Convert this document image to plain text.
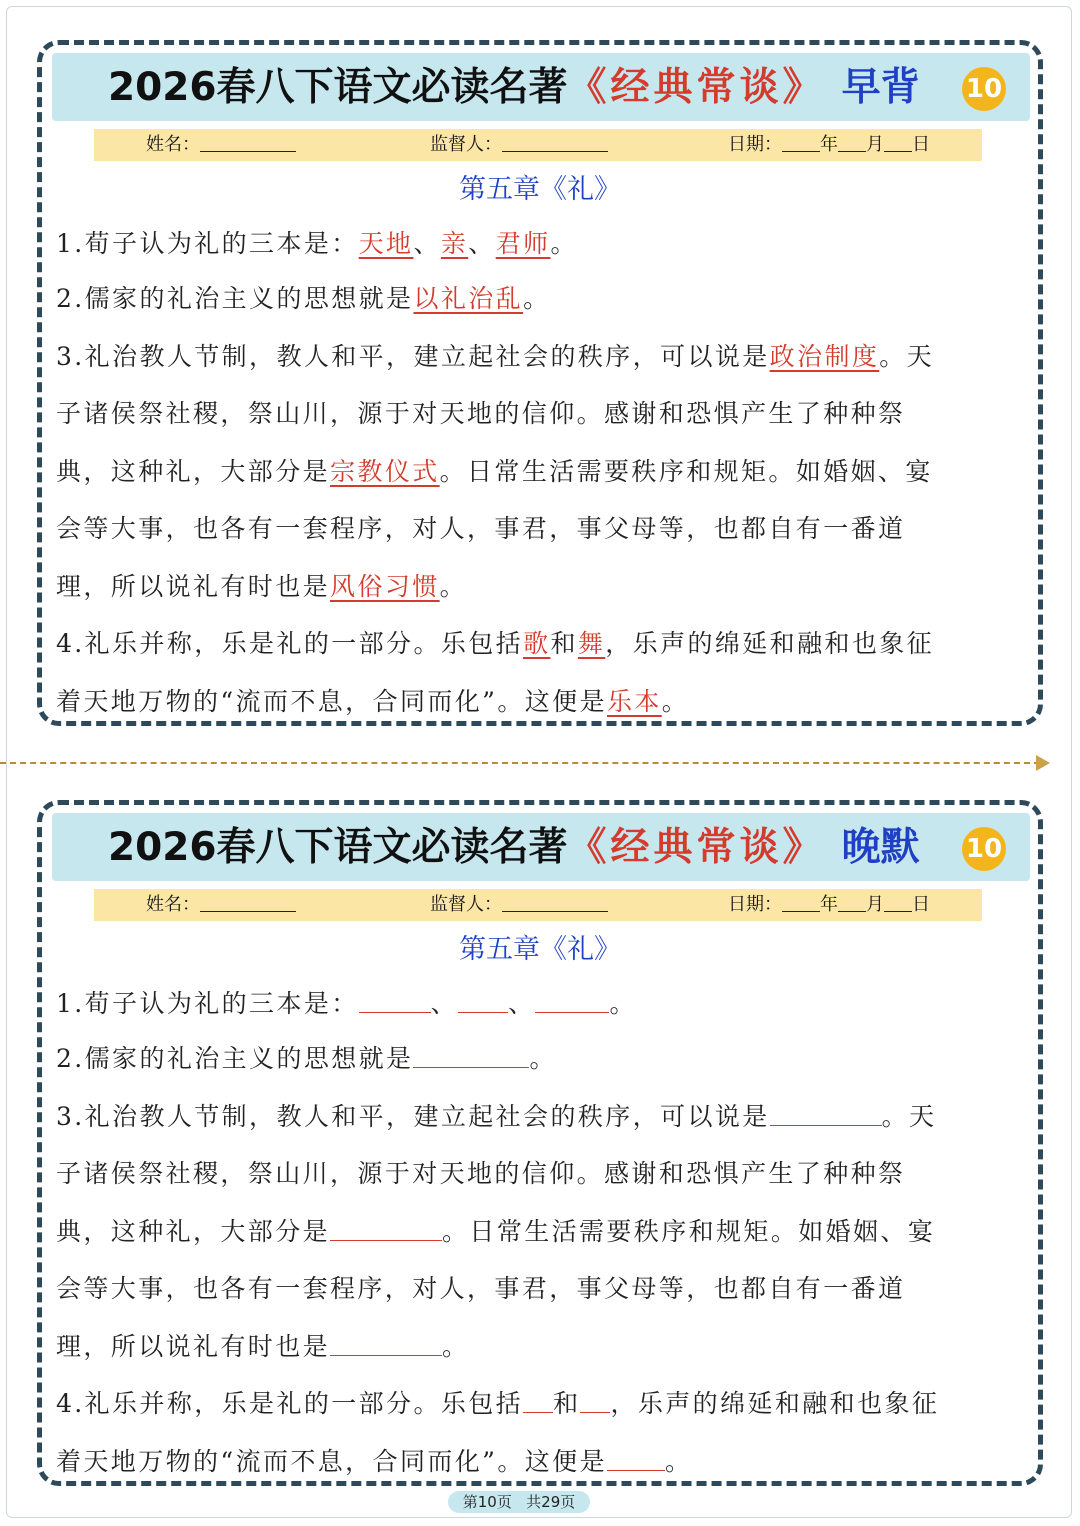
2026春八下语文必读名著《经典常谈》 早背 10
姓名：	监督人：	日期： 年 月 日
第五章《礼》
1.荀子认为礼的三本是：天地、亲、君师。
2.儒家的礼治主义的思想就是以礼治乱。
3.礼治教人节制，教人和平，建立起社会的秩序，可以说是政治制度。天
子诸侯祭社稷，祭山川，源于对天地的信仰。感谢和恐惧产生了种种祭
典，这种礼，大部分是宗教仪式。日常生活需要秩序和规矩。如婚姻、宴
会等大事，也各有一套程序，对人，事君，事父母等，也都自有一番道
理，所以说礼有时也是风俗习惯。
4.礼乐并称，乐是礼的一部分。乐包括歌和舞，乐声的绵延和融和也象征
着天地万物的“流而不息，合同而化”。这便是乐本。
2026春八下语文必读名著《经典常谈》 晚默 10
姓名：	监督人：	日期： 年 月 日
第五章《礼》
1.荀子认为礼的三本是：	、 、	。
2.儒家的礼治主义的思想就是	。
3.礼治教人节制，教人和平，建立起社会的秩序，可以说是	。天
子诸侯祭社稷，祭山川，源于对天地的信仰。感谢和恐惧产生了种种祭
典，这种礼，大部分是	。日常生活需要秩序和规矩。如婚姻、宴
会等大事，也各有一套程序，对人，事君，事父母等，也都自有一番道
理，所以说礼有时也是	。
4.礼乐并称，乐是礼的一部分。乐包括 和 ，乐声的绵延和融和也象征
着天地万物的“流而不息，合同而化”。这便是 。
第10页 共29页
